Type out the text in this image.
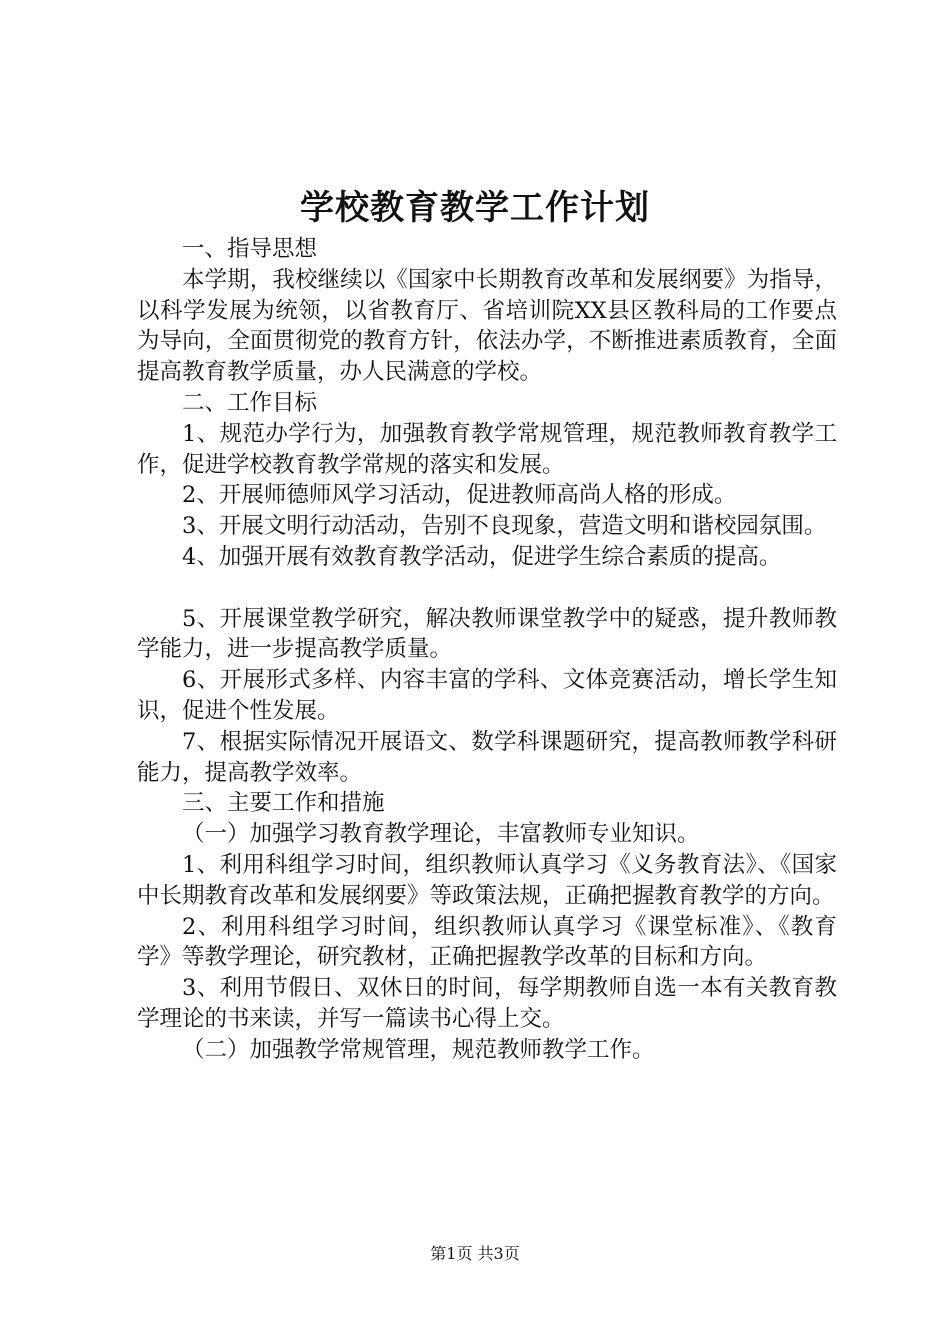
学校教育教学工作计划

一、指导思想

本学期，我校继续以《国家中长期教育改革和发展纲要》为指导，以科学发展为统领，以省教育厅、省培训院XX县区教科局的工作要点为导向，全面贯彻党的教育方针，依法办学，不断推进素质教育，全面提高教育教学质量，办人民满意的学校。

二、工作目标

1、规范办学行为，加强教育教学常规管理，规范教师教育教学工作，促进学校教育教学常规的落实和发展。

2、开展师德师风学习活动，促进教师高尚人格的形成。

3、开展文明行动活动，告别不良现象，营造文明和谐校园氛围。

4、加强开展有效教育教学活动，促进学生综合素质的提高。

5、开展课堂教学研究，解决教师课堂教学中的疑惑，提升教师教学能力，进一步提高教学质量。

6、开展形式多样、内容丰富的学科、文体竞赛活动，增长学生知识，促进个性发展。

7、根据实际情况开展语文、数学科课题研究，提高教师教学科研能力，提高教学效率。

三、主要工作和措施

（一）加强学习教育教学理论，丰富教师专业知识。

1、利用科组学习时间，组织教师认真学习《义务教育法》、《国家中长期教育改革和发展纲要》等政策法规，正确把握教育教学的方向。

2、利用科组学习时间，组织教师认真学习《课堂标准》、《教育学》等教学理论，研究教材，正确把握教学改革的目标和方向。

3、利用节假日、双休日的时间，每学期教师自选一本有关教育教学理论的书来读，并写一篇读书心得上交。

（二）加强教学常规管理，规范教师教学工作。

第1页 共3页
